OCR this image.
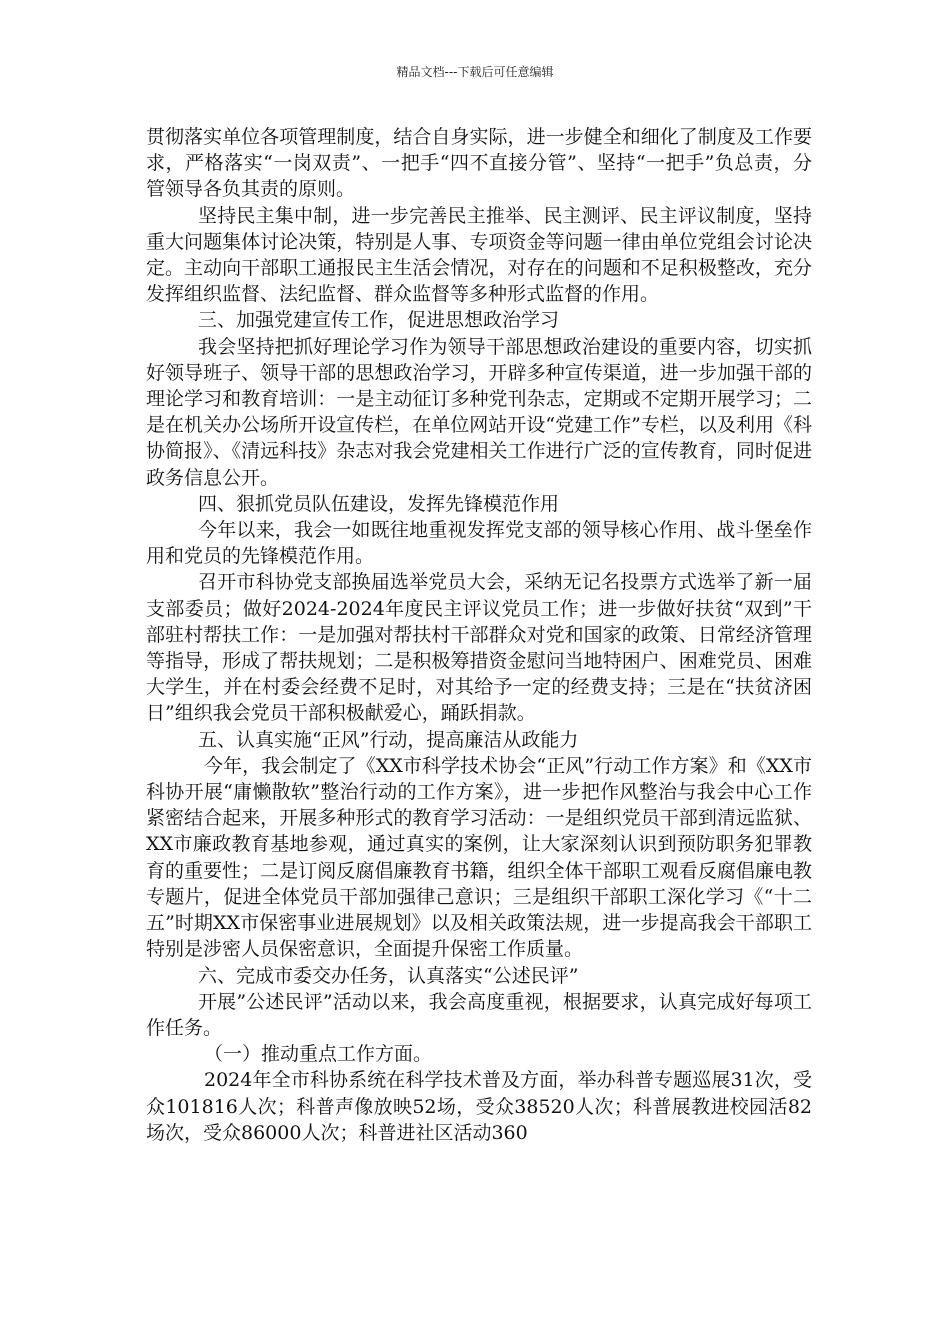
精品文档---下载后可任意编辑

贯彻落实单位各项管理制度，结合自身实际，进一步健全和细化了制度及工作要求，严格落实“一岗双责”、一把手“四不直接分管”、坚持“一把手”负总责，分管领导各负其责的原则。

坚持民主集中制，进一步完善民主推举、民主测评、民主评议制度，坚持重大问题集体讨论决策，特别是人事、专项资金等问题一律由单位党组会讨论决定。主动向干部职工通报民主生活会情况，对存在的问题和不足积极整改，充分发挥组织监督、法纪监督、群众监督等多种形式监督的作用。

三、加强党建宣传工作，促进思想政治学习

我会坚持把抓好理论学习作为领导干部思想政治建设的重要内容，切实抓好领导班子、领导干部的思想政治学习，开辟多种宣传渠道，进一步加强干部的理论学习和教育培训：一是主动征订多种党刊杂志，定期或不定期开展学习；二是在机关办公场所开设宣传栏，在单位网站开设“党建工作”专栏，以及利用《科协简报》、《清远科技》杂志对我会党建相关工作进行广泛的宣传教育，同时促进政务信息公开。

四、狠抓党员队伍建设，发挥先锋模范作用

今年以来，我会一如既往地重视发挥党支部的领导核心作用、战斗堡垒作用和党员的先锋模范作用。

召开市科协党支部换届选举党员大会，采纳无记名投票方式选举了新一届支部委员；做好2024-2024年度民主评议党员工作；进一步做好扶贫“双到”干部驻村帮扶工作：一是加强对帮扶村干部群众对党和国家的政策、日常经济管理等指导，形成了帮扶规划；二是积极筹措资金慰问当地特困户、困难党员、困难大学生，并在村委会经费不足时，对其给予一定的经费支持；三是在“扶贫济困日”组织我会党员干部积极献爱心，踊跃捐款。

五、认真实施“正风”行动，提高廉洁从政能力

今年，我会制定了《XX市科学技术协会“正风”行动工作方案》和《XX市科协开展“庸懒散软”整治行动的工作方案》，进一步把作风整治与我会中心工作紧密结合起来，开展多种形式的教育学习活动：一是组织党员干部到清远监狱、XX市廉政教育基地参观，通过真实的案例，让大家深刻认识到预防职务犯罪教育的重要性；二是订阅反腐倡廉教育书籍，组织全体干部职工观看反腐倡廉电教专题片，促进全体党员干部加强律己意识；三是组织干部职工深化学习《“十二五”时期XX市保密事业进展规划》以及相关政策法规，进一步提高我会干部职工特别是涉密人员保密意识，全面提升保密工作质量。

六、完成市委交办任务，认真落实“公述民评”

开展”公述民评”活动以来，我会高度重视，根据要求，认真完成好每项工作任务。

（一）推动重点工作方面。

2024年全市科协系统在科学技术普及方面，举办科普专题巡展31次，受众101816人次；科普声像放映52场，受众38520人次；科普展教进校园活82场次，受众86000人次；科普进社区活动360
